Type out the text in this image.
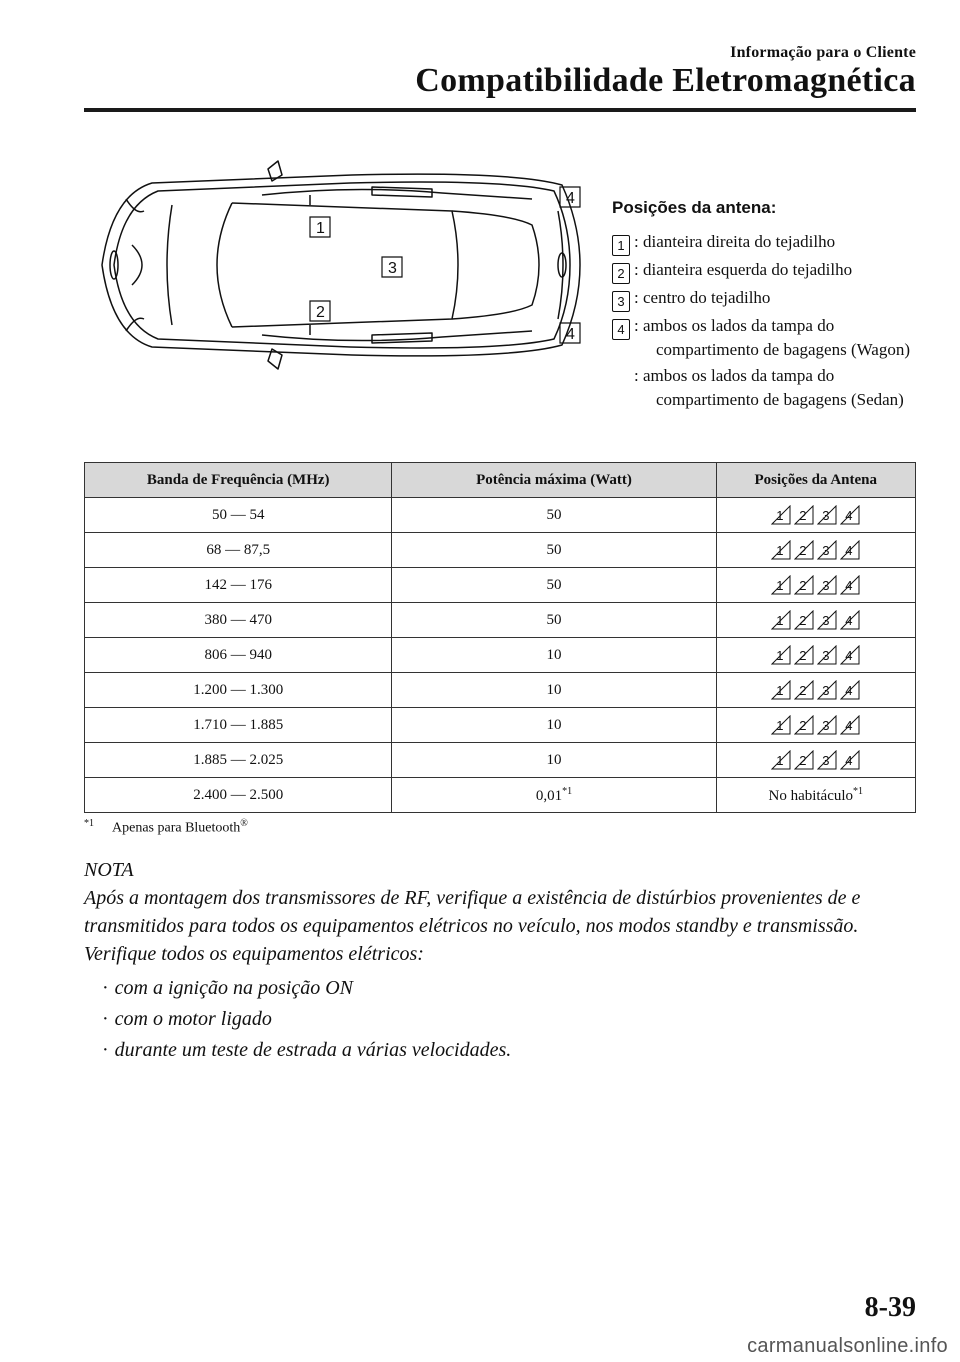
Informação para o Cliente
Compatibilidade Eletromagnética
1
2
3
4
4
Posições da antena:
1 : dianteira direita do tejadilho
2 : dianteira esquerda do tejadilho
3 : centro do tejadilho
4 : ambos os lados da tampa do compartimento de bagagens (Wagon)
: ambos os lados da tampa do compartimento de bagagens (Sedan)
Banda de Frequência (MHz)	Potência máxima (Watt)	Posições da Antena
50 — 54	50	1 2 3 4

68 — 87,5	50	1 2 3 4

142 — 176	50	1 2 3 4

380 — 470	50	1 2 3 4

806 — 940	10	1 2 3 4

1.200 — 1.300	10	1 2 3 4

1.710 — 1.885	10	1 2 3 4

1.885 — 2.025	10	1 2 3 4

2.400 — 2.500	0,01$^{*1}$	No habitáculo$^{*1}$
$^{*1}$ Apenas para Bluetooth®

NOTA

Após a montagem dos transmissores de RF, verifique a existência de distúrbios provenientes de e transmitidos para todos os equipamentos elétricos no veículo, nos modos standby e transmissão.

Verifique todos os equipamentos elétricos:

· com a ignição na posição ON
· com o motor ligado
· durante um teste de estrada a várias velocidades.
8-39
carmanualsonline.info
